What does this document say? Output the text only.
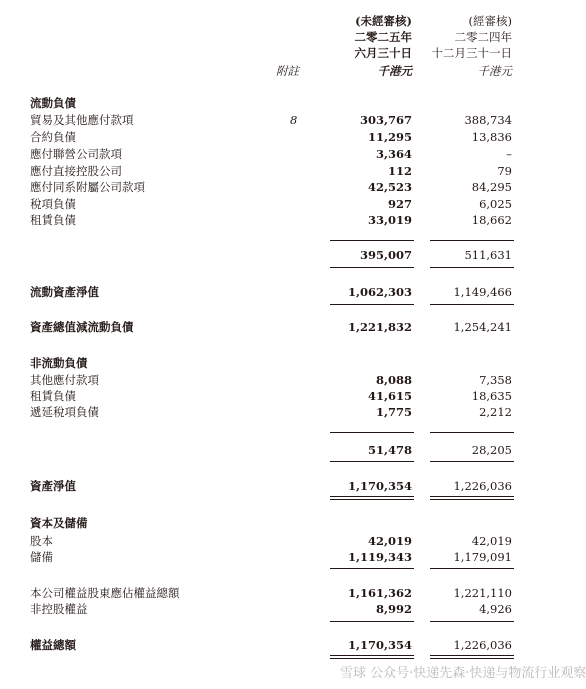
(未經審核)	(經審核)
二零二五年	二零二四年
六月三十日	十二月三十一日
附註	千港元	千港元
流動負債
貿易及其他應付款項	8	303,767	388,734
合約負債	11,295	13,836
應付聯營公司款項	3,364	–
應付直接控股公司	112	79
應付同系附屬公司款項	42,523	84,295
稅項負債	927	6,025
租賃負債	33,019	18,662
395,007	511,631
流動資產淨值	1,062,303	1,149,466
資產總值減流動負債	1,221,832	1,254,241
非流動負債
其他應付款項	8,088	7,358
租賃負債	41,615	18,635
遞延稅項負債	1,775	2,212
51,478	28,205
資產淨值	1,170,354	1,226,036
資本及儲備
股本	42,019	42,019
儲備	1,119,343	1,179,091
本公司權益股東應佔權益總額	1,161,362	1,221,110
非控股權益	8,992	4,926
權益總額	1,170,354	1,226,036
雪球 公众号·快递先森·快递与物流行业观察
